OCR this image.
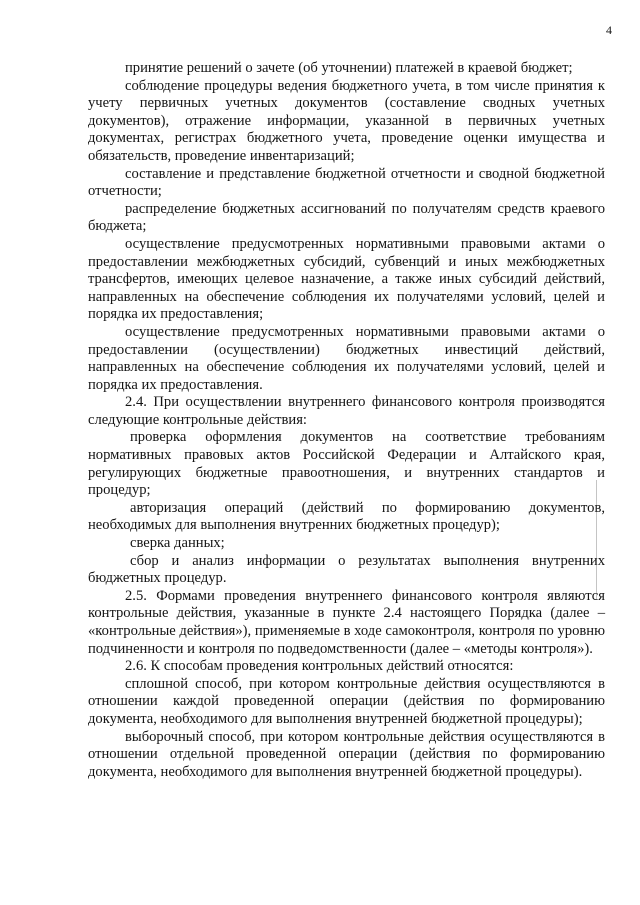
4

принятие решений о зачете (об уточнении) платежей в краевой бюджет;

соблюдение процедуры ведения бюджетного учета, в том числе принятия к учету первичных учетных документов (составление сводных учетных документов), отражение информации, указанной в первичных учетных документах, регистрах бюджетного учета, проведение оценки имущества и обязательств, проведение инвентаризаций;

составление и представление бюджетной отчетности и сводной бюджетной отчетности;

распределение бюджетных ассигнований по получателям средств краевого бюджета;

осуществление предусмотренных нормативными правовыми актами о предоставлении межбюджетных субсидий, субвенций и иных межбюджетных трансфертов, имеющих целевое назначение, а также иных субсидий действий, направленных на обеспечение соблюдения их получателями условий, целей и порядка их предоставления;

осуществление предусмотренных нормативными правовыми актами о предоставлении (осуществлении) бюджетных инвестиций действий, направленных на обеспечение соблюдения их получателями условий, целей и порядка их предоставления.

2.4. При осуществлении внутреннего финансового контроля производятся следующие контрольные действия:

проверка оформления документов на соответствие требованиям нормативных правовых актов Российской Федерации и Алтайского края, регулирующих бюджетные правоотношения, и внутренних стандартов и процедур;

авторизация операций (действий по формированию документов, необходимых для выполнения внутренних бюджетных процедур);

сверка данных;

сбор и анализ информации о результатах выполнения внутренних бюджетных процедур.

2.5. Формами проведения внутреннего финансового контроля являются контрольные действия, указанные в пункте 2.4 настоящего Порядка (далее – «контрольные действия»), применяемые в ходе самоконтроля, контроля по уровню подчиненности и контроля по подведомственности (далее – «методы контроля»).

2.6. К способам проведения контрольных действий относятся:

сплошной способ, при котором контрольные действия осуществляются в отношении каждой проведенной операции (действия по формированию документа, необходимого для выполнения внутренней бюджетной процедуры);

выборочный способ, при котором контрольные действия осуществляются в отношении отдельной проведенной операции (действия по формированию документа, необходимого для выполнения внутренней бюджетной процедуры).
